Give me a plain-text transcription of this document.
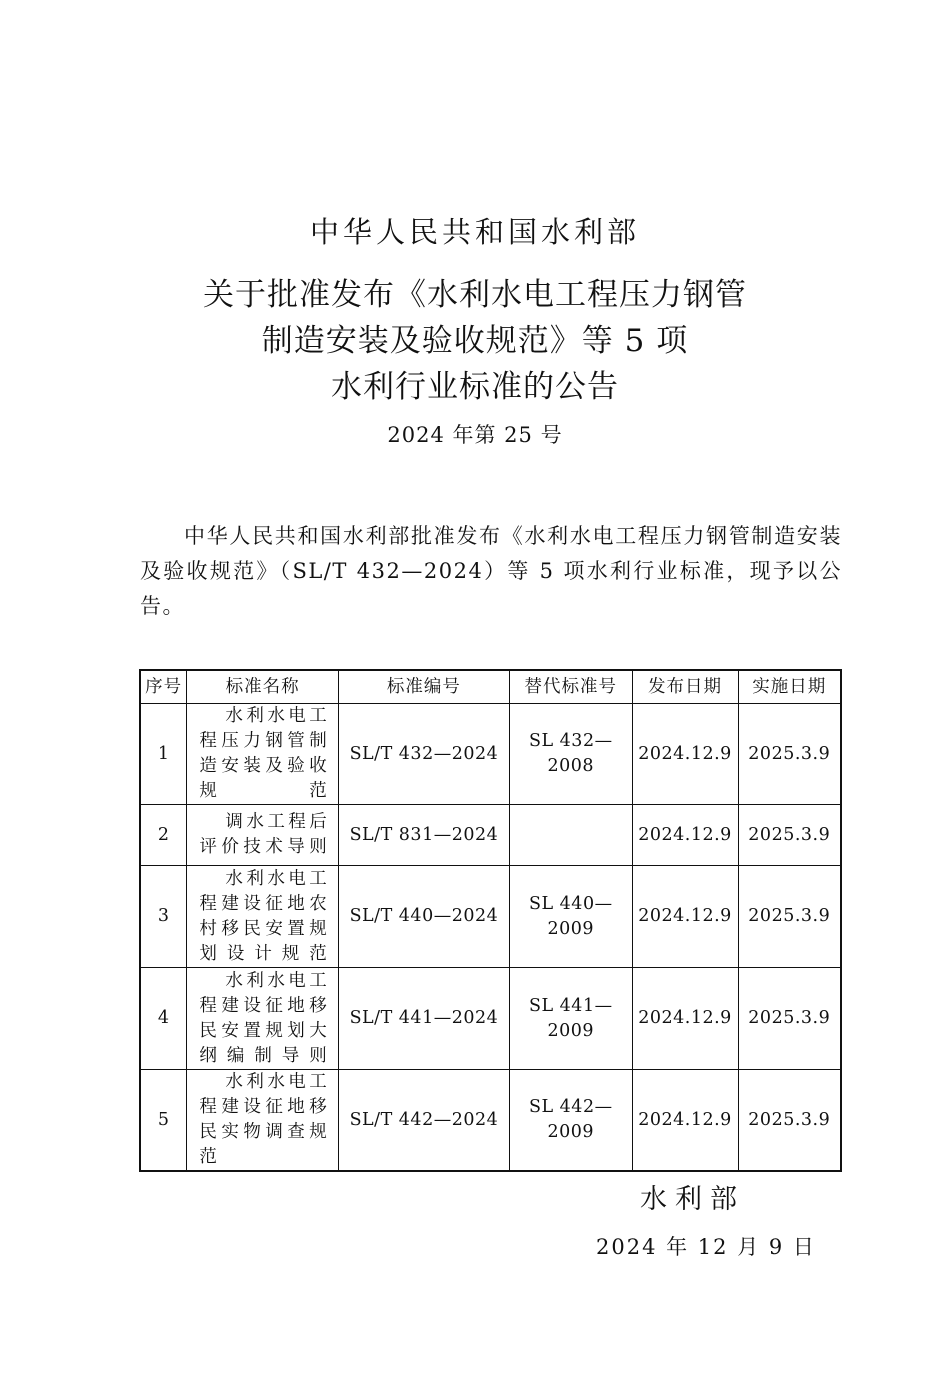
中华人民共和国水利部
关于批准发布《水利水电工程压力钢管
制造安装及验收规范》等 5 项
水利行业标准的公告
2024 年第 25 号
中华人民共和国水利部批准发布《水利水电工程压力钢管制造安装及验收规范》（SL/T 432—2024）等 5 项水利行业标准，现予以公告。
序号	标准名称	标准编号	替代标准号	发布日期	实施日期
1	水利水电工程压力钢管制造安装及验收规范	SL/T 432—2024	SL 432—2008	2024.12.9	2025.3.9
2	调水工程后评价技术导则	SL/T 831—2024		2024.12.9	2025.3.9
3	水利水电工程建设征地农村移民安置规划设计规范	SL/T 440—2024	SL 440—2009	2024.12.9	2025.3.9
4	水利水电工程建设征地移民安置规划大纲编制导则	SL/T 441—2024	SL 441—2009	2024.12.9	2025.3.9
5	水利水电工程建设征地移民实物调查规范	SL/T 442—2024	SL 442—2009	2024.12.9	2025.3.9
水利部
2024 年 12 月 9 日
